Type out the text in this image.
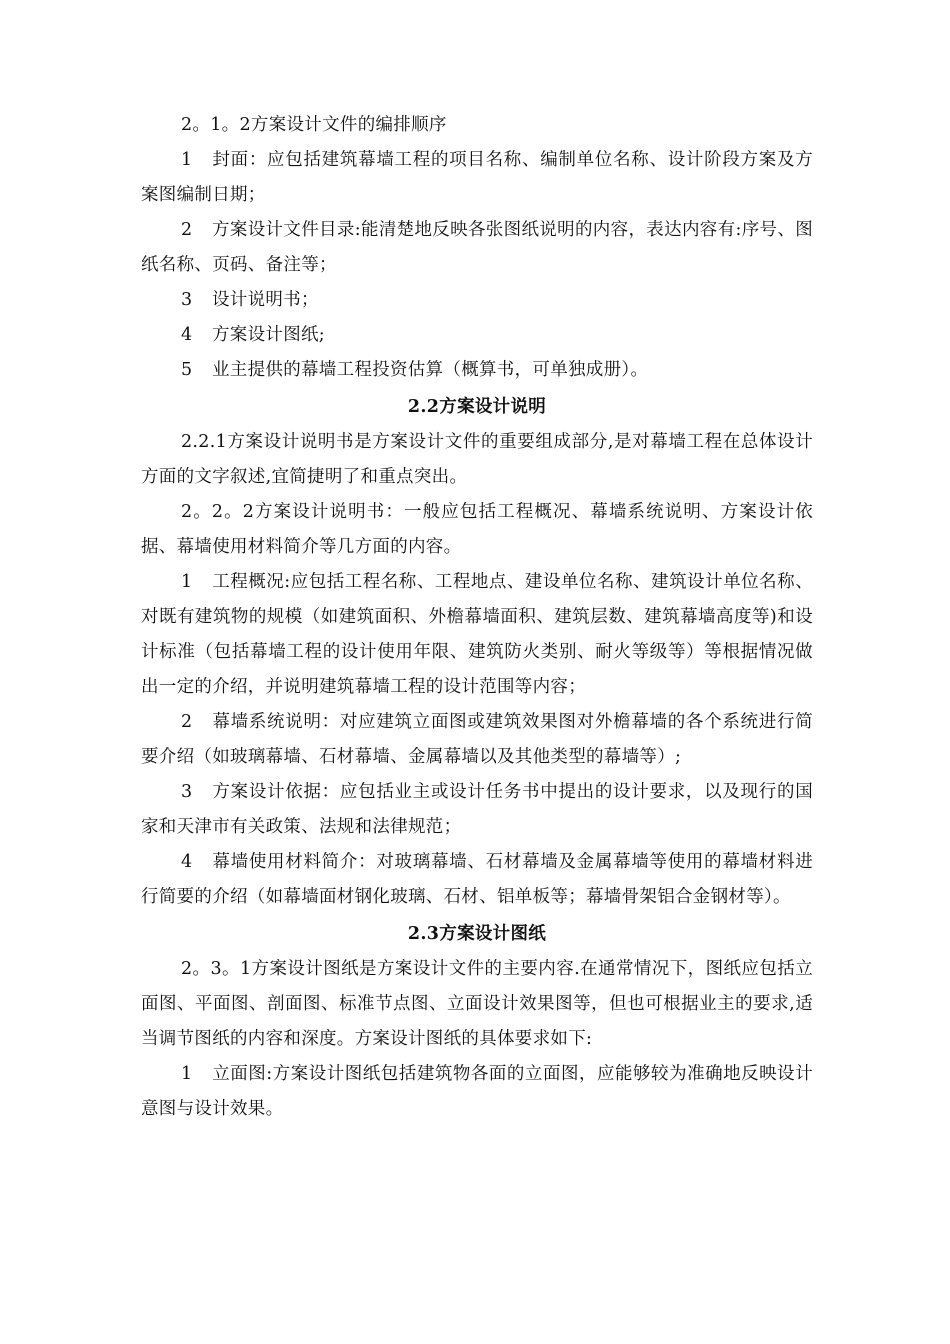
2。1。2方案设计文件的编排顺序

1 封面：应包括建筑幕墙工程的项目名称、编制单位名称、设计阶段方案及方案图编制日期；

2 方案设计文件目录:能清楚地反映各张图纸说明的内容，表达内容有:序号、图纸名称、页码、备注等；

3 设计说明书；

4 方案设计图纸;

5 业主提供的幕墙工程投资估算（概算书，可单独成册）。

2.2方案设计说明

2.2.1方案设计说明书是方案设计文件的重要组成部分,是对幕墙工程在总体设计方面的文字叙述,宜简捷明了和重点突出。

2。2。2方案设计说明书：一般应包括工程概况、幕墙系统说明、方案设计依据、幕墙使用材料简介等几方面的内容。

1 工程概况:应包括工程名称、工程地点、建设单位名称、建筑设计单位名称、对既有建筑物的规模（如建筑面积、外檐幕墙面积、建筑层数、建筑幕墙高度等)和设计标准（包括幕墙工程的设计使用年限、建筑防火类别、耐火等级等）等根据情况做出一定的介绍，并说明建筑幕墙工程的设计范围等内容；

2 幕墙系统说明：对应建筑立面图或建筑效果图对外檐幕墙的各个系统进行简要介绍（如玻璃幕墙、石材幕墙、金属幕墙以及其他类型的幕墙等）;

3 方案设计依据：应包括业主或设计任务书中提出的设计要求，以及现行的国家和天津市有关政策、法规和法律规范；

4 幕墙使用材料简介：对玻璃幕墙、石材幕墙及金属幕墙等使用的幕墙材料进行简要的介绍（如幕墙面材钢化玻璃、石材、铝单板等；幕墙骨架铝合金钢材等）。

2.3方案设计图纸

2。3。1方案设计图纸是方案设计文件的主要内容.在通常情况下，图纸应包括立面图、平面图、剖面图、标准节点图、立面设计效果图等，但也可根据业主的要求,适当调节图纸的内容和深度。方案设计图纸的具体要求如下:

1 立面图:方案设计图纸包括建筑物各面的立面图，应能够较为准确地反映设计意图与设计效果。
